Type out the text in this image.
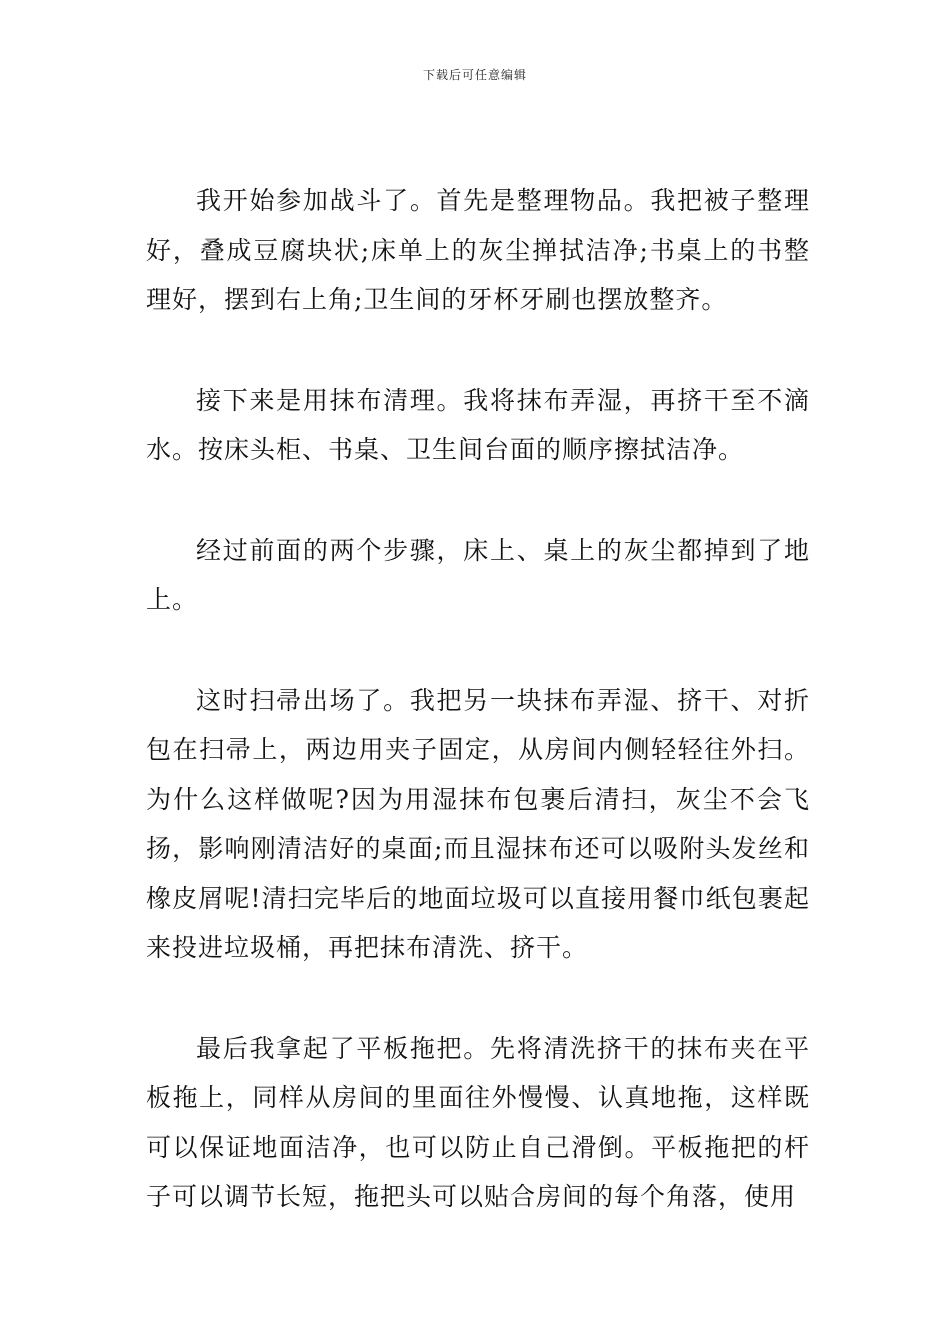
下载后可任意编辑

我开始参加战斗了。首先是整理物品。我把被子整理好，叠成豆腐块状;床单上的灰尘掸拭洁净;书桌上的书整理好，摆到右上角;卫生间的牙杯牙刷也摆放整齐。

接下来是用抹布清理。我将抹布弄湿，再挤干至不滴水。按床头柜、书桌、卫生间台面的顺序擦拭洁净。

经过前面的两个步骤，床上、桌上的灰尘都掉到了地上。

这时扫帚出场了。我把另一块抹布弄湿、挤干、对折包在扫帚上，两边用夹子固定，从房间内侧轻轻往外扫。为什么这样做呢?因为用湿抹布包裹后清扫，灰尘不会飞扬，影响刚清洁好的桌面;而且湿抹布还可以吸附头发丝和橡皮屑呢!清扫完毕后的地面垃圾可以直接用餐巾纸包裹起来投进垃圾桶，再把抹布清洗、挤干。

最后我拿起了平板拖把。先将清洗挤干的抹布夹在平板拖上，同样从房间的里面往外慢慢、认真地拖，这样既可以保证地面洁净，也可以防止自己滑倒。平板拖把的杆子可以调节长短，拖把头可以贴合房间的每个角落，使用
